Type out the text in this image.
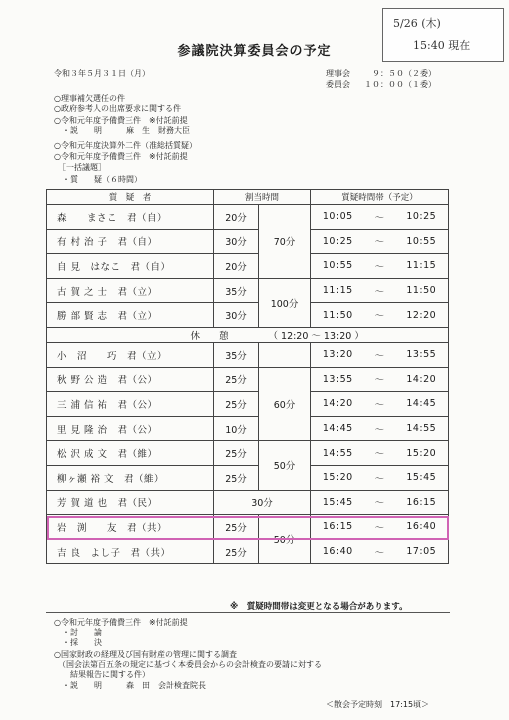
5/26 (木)
15:40 現在
参議院決算委員会の予定
令和３年５月３１日（月）	理事会	９：５０（２委）
委員会 １０：００（１委）
○理事補欠選任の件
○政府参考人の出席要求に関する件
○令和元年度予備費三件　※付託前提
　・説　　明　　　麻　生　財務大臣
○令和元年度決算外二件（准総括質疑）
○令和元年度予備費三件　※付託前提
　［一括議題］
　・質　　疑（６時間）
質　疑　者	割当時間		質疑時間帯（予定）		
森　　まさこ　君（自）	20分	70分	10:05	〜	10:25
有 村 治 子　君（自）	30分		10:25	〜	10:55
自 見　はなこ　君（自）	20分		10:55	〜	11:15
古 賀 之 士　君（立）	35分	100分	11:15	〜	11:50
勝 部 賢 志　君（立）	30分		11:50	〜	12:20
休　　憩		（ 12:20 〜 13:20 ）			
小　沼　　巧　君（立）	35分		13:20	〜	13:55
秋 野 公 造　君（公）	25分	60分	13:55	〜	14:20
三 浦 信 祐　君（公）	25分		14:20	〜	14:45
里 見 隆 治　君（公）	10分		14:45	〜	14:55
松 沢 成 文　君（維）	25分	50分	14:55	〜	15:20
柳ヶ瀬 裕 文　君（維）	25分		15:20	〜	15:45
芳 賀 道 也　君（民）	30分		15:45	〜	16:15
岩　渕　　友　君（共）	25分	50分	16:15	〜	16:40
吉 良　よし子　君（共）	25分		16:40	〜	17:05
※　質疑時間帯は変更となる場合があります。
○令和元年度予備費三件　※付託前提
　・討　　論
　・採　　決
○国家財政の経理及び国有財産の管理に関する調査
　（国会法第百五条の規定に基づく本委員会からの会計検査の要請に対する
　　結果報告に関する件）
　・説　　明　　　森　田　会計検査院長
＜散会予定時刻　17:15頃＞
